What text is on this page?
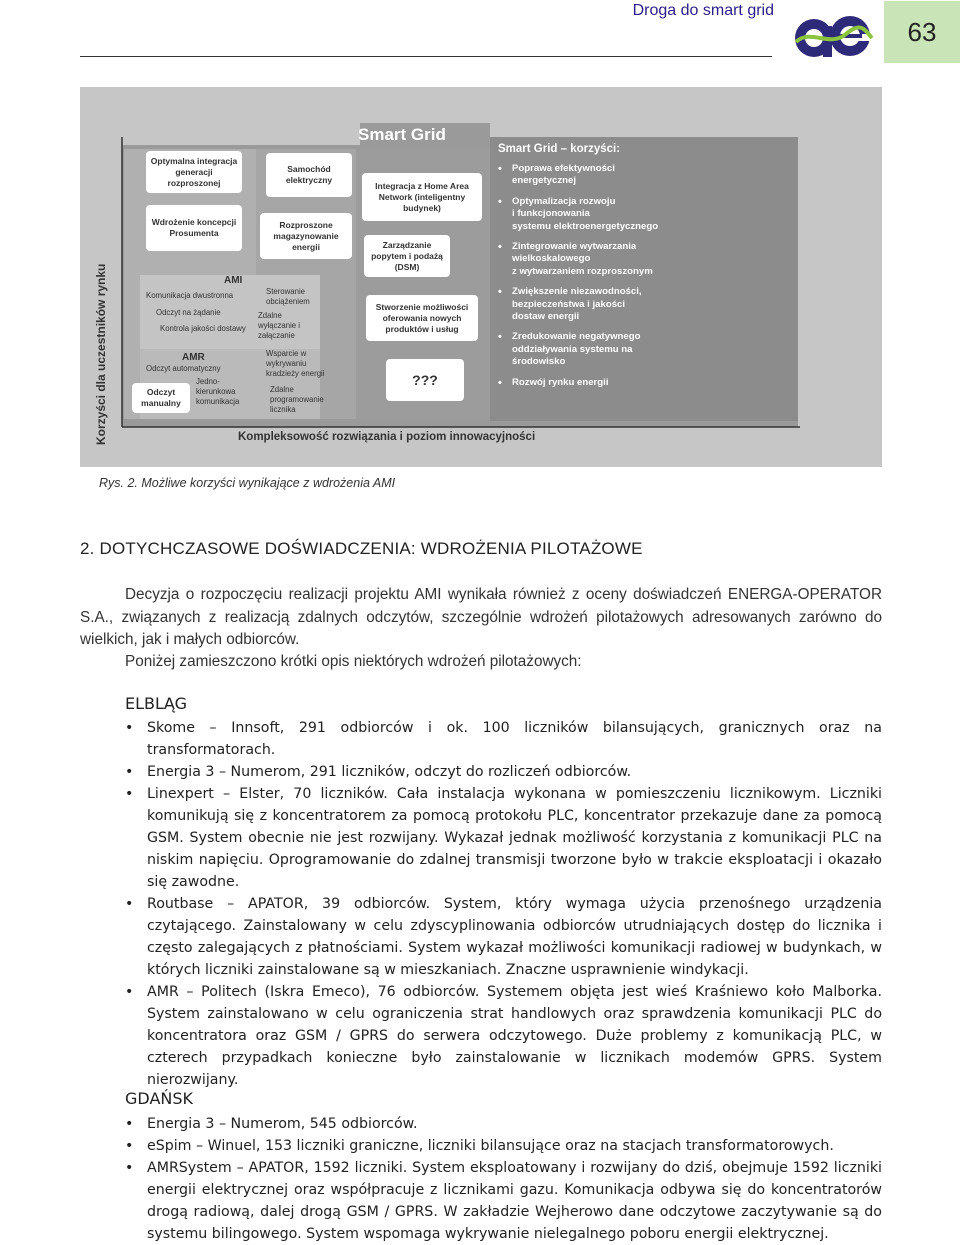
Droga do smart grid
63
Korzyści dla uczestników rynku	Kompleksowość rozwiązania i poziom innowacyjności
Smart Grid
Optymalna integracja generacji rozproszonej
Wdrożenie koncepcji Prosumenta
Samochód elektryczny
Rozproszone magazynowanie energii
Integracja z Home Area Network (inteligentny budynek)
Zarządzanie popytem i podażą (DSM)
Stworzenie możliwości oferowania nowych produktów i usług
???
AMI
Komunikacja dwustronna
Odczyt na żądanie
Kontrola jakości dostawy
Sterowanie obciążeniem
Zdalne wyłączanie i załączanie
AMR
Odczyt automatyczny
Jedno-kierunkowa komunikacja
Wsparcie w wykrywaniu kradzieży energii
Zdalne programowanie licznika
Odczyt manualny
Smart Grid – korzyści:
• Poprawa efektywności
energetycznej
• Optymalizacja rozwoju
i funkcjonowania
systemu elektroenergetycznego
• Zintegrowanie wytwarzania
wielkoskalowego
z wytwarzaniem rozproszonym
• Zwiększenie niezawodności,
bezpieczeństwa i jakości
dostaw energii
• Zredukowanie negatywnego
oddziaływania systemu na
środowisko
• Rozwój rynku energii
Rys. 2. Możliwe korzyści wynikające z wdrożenia AMI
2. DOTYCHCZASOWE DOŚWIADCZENIA: WDROŻENIA PILOTAŻOWE

Decyzja o rozpoczęciu realizacji projektu AMI wynikała również z oceny doświadczeń ENERGA-OPERATOR S.A., związanych z realizacją zdalnych odczytów, szczególnie wdrożeń pilotażowych adresowanych zarówno do wielkich, jak i małych odbiorców.

Poniżej zamieszczono krótki opis niektórych wdrożeń pilotażowych:

ELBLĄG
• Skome – Innsoft, 291 odbiorców i ok. 100 liczników bilansujących, granicznych oraz na transformatorach.
• Energia 3 – Numerom, 291 liczników, odczyt do rozliczeń odbiorców.
• Linexpert – Elster, 70 liczników. Cała instalacja wykonana w pomieszczeniu licznikowym. Liczniki komunikują się z koncentratorem za pomocą protokołu PLC, koncentrator przekazuje dane za pomocą GSM. System obecnie nie jest rozwijany. Wykazał jednak możliwość korzystania z komunikacji PLC na niskim napięciu. Oprogramowanie do zdalnej transmisji tworzone było w trakcie eksploatacji i okazało się zawodne.
• Routbase – APATOR, 39 odbiorców. System, który wymaga użycia przenośnego urządzenia czytającego. Zainstalowany w celu zdyscyplinowania odbiorców utrudniających dostęp do licznika i często zalegających z płatnościami. System wykazał możliwości komunikacji radiowej w budynkach, w których liczniki zainstalowane są w mieszkaniach. Znaczne usprawnienie windykacji.
• AMR – Politech (Iskra Emeco), 76 odbiorców. Systemem objęta jest wieś Kraśniewo koło Malborka. System zainstalowano w celu ograniczenia strat handlowych oraz sprawdzenia komunikacji PLC do koncentratora oraz GSM / GPRS do serwera odczytowego. Duże problemy z komunikacją PLC, w czterech przypadkach konieczne było zainstalowanie w licznikach modemów GPRS. System nierozwijany.
GDAŃSK
• Energia 3 – Numerom, 545 odbiorców.
• eSpim – Winuel, 153 liczniki graniczne, liczniki bilansujące oraz na stacjach transformatorowych.
• AMRSystem – APATOR, 1592 liczniki. System eksploatowany i rozwijany do dziś, obejmuje 1592 liczniki energii elektrycznej oraz współpracuje z licznikami gazu. Komunikacja odbywa się do koncentratorów drogą radiową, dalej drogą GSM / GPRS. W zakładzie Wejherowo dane odczytowe zaczytywanie są do systemu bilingowego. System wspomaga wykrywanie nielegalnego poboru energii elektrycznej.
